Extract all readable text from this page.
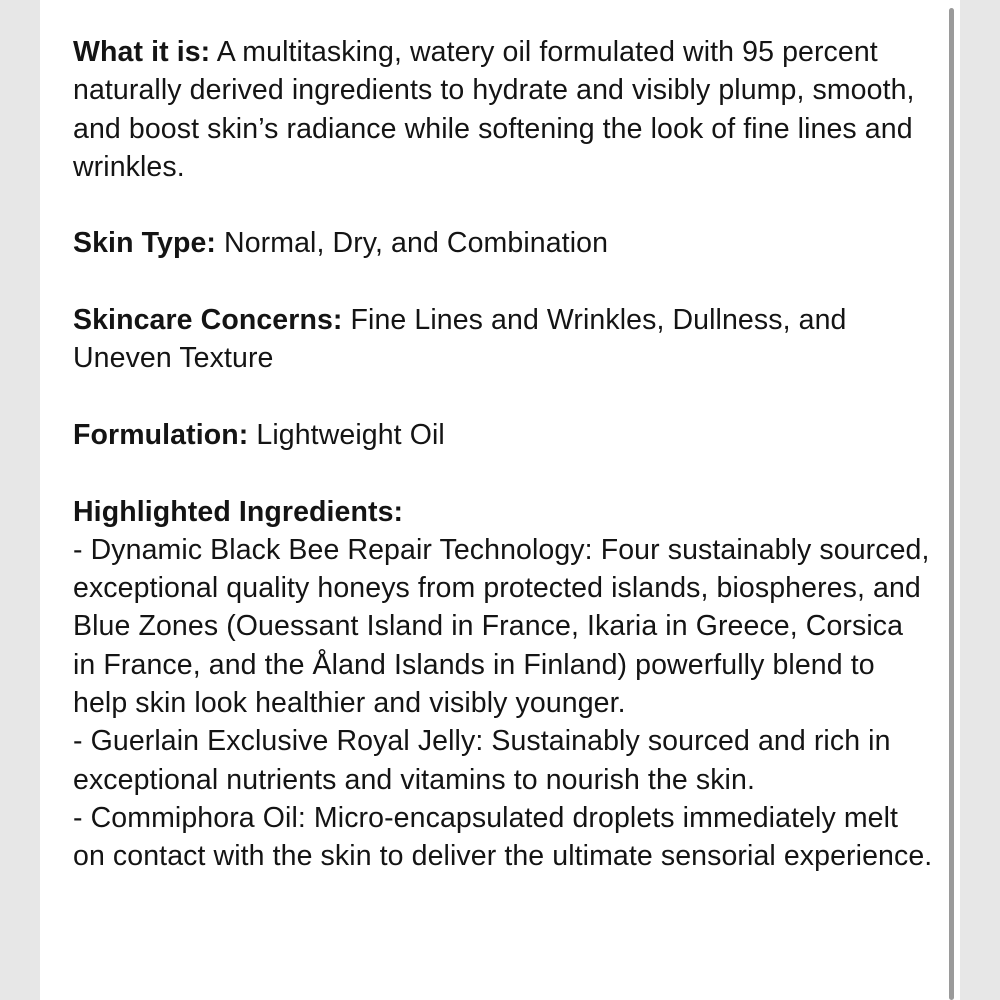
What it is: A multitasking, watery oil formulated with 95 percent naturally derived ingredients to hydrate and visibly plump, smooth, and boost skin’s radiance while softening the look of fine lines and wrinkles.

Skin Type: Normal, Dry, and Combination

Skincare Concerns: Fine Lines and Wrinkles, Dullness, and Uneven Texture

Formulation: Lightweight Oil

Highlighted Ingredients:
- Dynamic Black Bee Repair Technology: Four sustainably sourced, exceptional quality honeys from protected islands, biospheres, and Blue Zones (Ouessant Island in France, Ikaria in Greece, Corsica in France, and the Åland Islands in Finland) powerfully blend to help skin look healthier and visibly younger.
- Guerlain Exclusive Royal Jelly: Sustainably sourced and rich in exceptional nutrients and vitamins to nourish the skin.
- Commiphora Oil: Micro-encapsulated droplets immediately melt on contact with the skin to deliver the ultimate sensorial experience.
